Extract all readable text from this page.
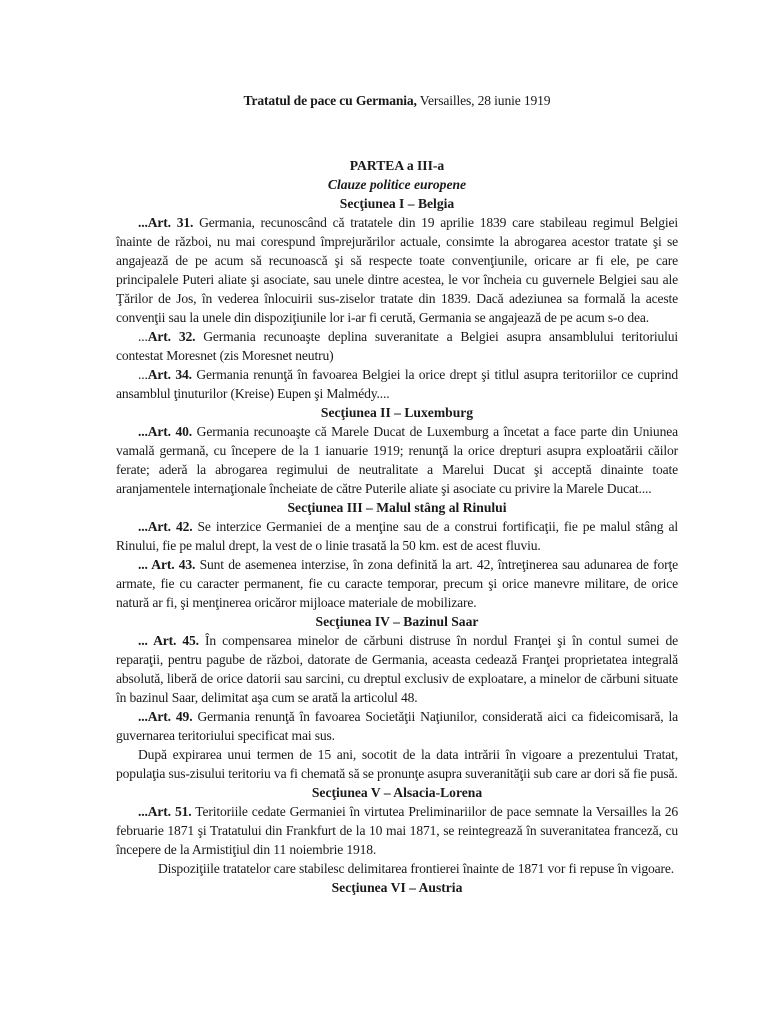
Tratatul de pace cu Germania, Versailles, 28 iunie 1919

PARTEA a III-a

Clauze politice europene

Secţiunea I – Belgia

...Art. 31. Germania, recunoscând că tratatele din 19 aprilie 1839 care stabileau regimul Belgiei înainte de război, nu mai corespund împrejurărilor actuale, consimte la abrogarea acestor tratate şi se angajează de pe acum să recunoască şi să respecte toate convenţiunile, oricare ar fi ele, pe care principalele Puteri aliate şi asociate, sau unele dintre acestea, le vor încheia cu guvernele Belgiei sau ale Ţărilor de Jos, în vederea înlocuirii sus-ziselor tratate din 1839. Dacă adeziunea sa formală la aceste convenţii sau la unele din dispoziţiunile lor i-ar fi cerută, Germania se angajează de pe acum s-o dea.

...Art. 32. Germania recunoaşte deplina suveranitate a Belgiei asupra ansamblului teritoriului contestat Moresnet (zis Moresnet neutru)

...Art. 34. Germania renunţă în favoarea Belgiei la orice drept şi titlul asupra teritoriilor ce cuprind ansamblul ţinuturilor (Kreise) Eupen şi Malmédy....

Secţiunea II – Luxemburg

...Art. 40. Germania recunoaşte că Marele Ducat de Luxemburg a încetat a face parte din Uniunea vamală germană, cu începere de la 1 ianuarie 1919; renunţă la orice drepturi asupra exploatării căilor ferate; aderă la abrogarea regimului de neutralitate a Marelui Ducat şi acceptă dinainte toate aranjamentele internaţionale încheiate de către Puterile aliate şi asociate cu privire la Marele Ducat....

Secţiunea III – Malul stâng al Rinului

...Art. 42. Se interzice Germaniei de a menţine sau de a construi fortificaţii, fie pe malul stâng al Rinului, fie pe malul drept, la vest de o linie trasată la 50 km. est de acest fluviu.

... Art. 43. Sunt de asemenea interzise, în zona definită la art. 42, întreţinerea sau adunarea de forţe armate, fie cu caracter permanent, fie cu caracte temporar, precum şi orice manevre militare, de orice natură ar fi, şi menţinerea oricăror mijloace materiale de mobilizare.

Secţiunea IV – Bazinul Saar

... Art. 45. În compensarea minelor de cărbuni distruse în nordul Franţei şi în contul sumei de reparaţii, pentru pagube de război, datorate de Germania, aceasta cedează Franţei proprietatea integrală absolută, liberă de orice datorii sau sarcini, cu dreptul exclusiv de exploatare, a minelor de cărbuni situate în bazinul Saar, delimitat aşa cum se arată la articolul 48.

...Art. 49. Germania renunţă în favoarea Societăţii Naţiunilor, considerată aici ca fideicomisară, la guvernarea teritoriului specificat mai sus.

După expirarea unui termen de 15 ani, socotit de la data intrării în vigoare a prezentului Tratat, populaţia sus-zisului teritoriu va fi chemată să se pronunţe asupra suveranităţii sub care ar dori să fie pusă.

Secţiunea V – Alsacia-Lorena

...Art. 51. Teritoriile cedate Germaniei în virtutea Preliminariilor de pace semnate la Versailles la 26 februarie 1871 şi Tratatului din Frankfurt de la 10 mai 1871, se reintegrează în suveranitatea franceză, cu începere de la Armistiţiul din 11 noiembrie 1918.

Dispoziţiile tratatelor care stabilesc delimitarea frontierei înainte de 1871 vor fi repuse în vigoare.

Secţiunea VI – Austria
